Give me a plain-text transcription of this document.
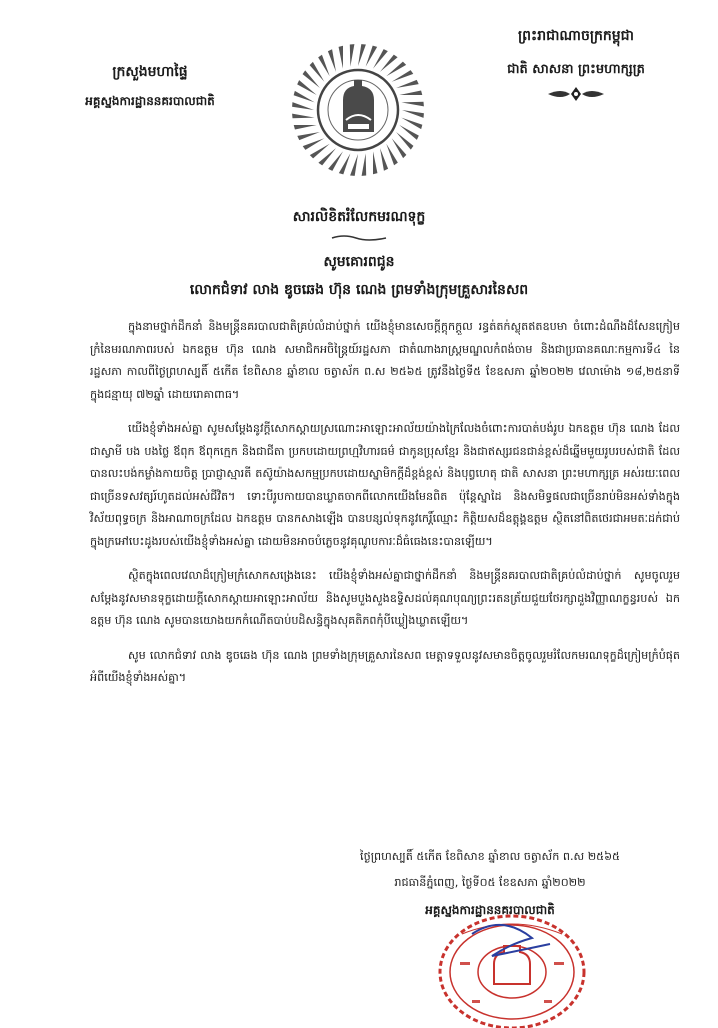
ក្រសួងមហាផ្ទៃ
អគ្គស្នងការដ្ឋាននគរបាលជាតិ
ព្រះរាជាណាចក្រកម្ពុជា
ជាតិ សាសនា ព្រះមហាក្សត្រ
សារលិខិតរំលែកមរណទុក្ខ
សូមគោរពជូន
លោកជំទាវ លាង ឌូចឆេង ហ៊ុន ណេង ព្រមទាំងក្រុមគ្រួសារនៃសព

ក្នុងនាមថ្នាក់ដឹកនាំ និងមន្ត្រីនគរបាលជាតិគ្រប់លំដាប់ថ្នាក់ យើងខ្ញុំមានសេចក្តីក្តុកក្តួល រន្ធត់តក់ស្លុតឥតឧបមា ចំពោះដំណឹងដ៏សែនក្រៀមក្រំនៃមរណភាពរបស់ ឯកឧត្តម ហ៊ុន ណេង សមាជិកអចិន្ត្រៃយ៍រដ្ឋសភា ជាតំណាងរាស្ត្រមណ្ឌលកំពង់ចាម និងជាប្រធានគណៈកម្មការទី៤ នៃរដ្ឋសភា កាលពីថ្ងៃព្រហស្បតិ៍ ៥កើត ខែពិសាខ ឆ្នាំខាល ចត្វាស័ក ព.ស ២៥៦៥ ត្រូវនឹងថ្ងៃទី៥ ខែឧសភា ឆ្នាំ២០២២ វេលាម៉ោង ១៨,២៥នាទី ក្នុងជន្មាយុ ៧២ឆ្នាំ ដោយរោគាពាធ។

យើងខ្ញុំទាំងអស់គ្នា សូមសម្តែងនូវក្តីសោកស្តាយស្រណោះអាឡោះអាល័យយ៉ាងក្រៃលែងចំពោះការបាត់បង់រូប ឯកឧត្តម ហ៊ុន ណេង ដែលជាស្វាមី បង បងថ្លៃ ឪពុក ឪពុកក្មេក និងជាជីតា ប្រកបដោយព្រហ្មវិហារធម៌ ជាកូនប្រុសខ្មែរ និងជាឥស្សរជនជាន់ខ្ពស់ដ៏ឆ្នើមមួយរូបរបស់ជាតិ ដែលបានលះបង់កម្លាំងកាយចិត្ត ប្រាជ្ញាស្មារតី តស៊ូយ៉ាងសកម្មប្រកបដោយស្នាមិកក្តីដ៏ខ្ពង់ខ្ពស់ និងបុព្វហេតុ ជាតិ សាសនា ព្រះមហាក្សត្រ អស់រយៈពេលជាច្រើនទសវត្សរ៍ហូតដល់អស់ជីវិត។ ទោះបីរូបកាយបានឃ្លាតចាកពីលោកយើងមែនពិត ប៉ុន្តែស្នាដៃ និងសមិទ្ធផលជាច្រើនរាប់មិនអស់ទាំងក្នុងវិស័យពុទ្ធចក្រ និងអាណាចក្រដែល ឯកឧត្តម បានកសាងឡើង បានបន្សល់ទុកនូវកេរ្តិ៍ឈ្មោះ កិត្តិយសដ៏ឧត្តុង្គឧត្តម ស្ថិតនៅពិតថេរជាអមតៈដក់ជាប់ក្នុងក្រអៅបេះដូងរបស់យើងខ្ញុំទាំងអស់គ្នា ដោយមិនអាចបំភ្លេចនូវគុណូបការៈដ៏ធំធេងនេះបានឡើយ។

ស្ថិតក្នុងពេលវេលាដ៏ក្រៀមក្រំសោកសង្រេងនេះ យើងខ្ញុំទាំងអស់គ្នាជាថ្នាក់ដឹកនាំ និងមន្ត្រីនគរបាលជាតិគ្រប់លំដាប់ថ្នាក់ សូមចូលរួមសម្តែងនូវសមានទុក្ខដោយក្តីសោកស្តាយអាឡោះអាល័យ និងសូមបួងសួងឧទ្ទិសដល់គុណបុណ្យព្រះរតនត្រ័យជួយថែរក្សាដួងវិញ្ញាណក្ខន្ធរបស់ ឯកឧត្តម ហ៊ុន ណេង សូមបានយោងយកកំណើតបាប់បដិសន្ធិក្នុងសុគតិភពកុំបីឃ្លៀងឃ្លាតឡើយ។

សូម លោកជំទាវ លាង ឌូចឆេង ហ៊ុន ណេង ព្រមទាំងក្រុមគ្រួសារនៃសព មេត្តាទទួលនូវសមានចិត្តចូលរួមរំលែកមរណទុក្ខដ៏ក្រៀមក្រំបំផុតអំពីយើងខ្ញុំទាំងអស់គ្នា។

ថ្ងៃព្រហស្បតិ៍ ៥កើត ខែពិសាខ ឆ្នាំខាល ចត្វាស័ក ព.ស ២៥៦៥
រាជធានីភ្នំពេញ, ថ្ងៃទី០៥ ខែឧសភា ឆ្នាំ២០២២
អគ្គស្នងការដ្ឋាននគរបាលជាតិ
